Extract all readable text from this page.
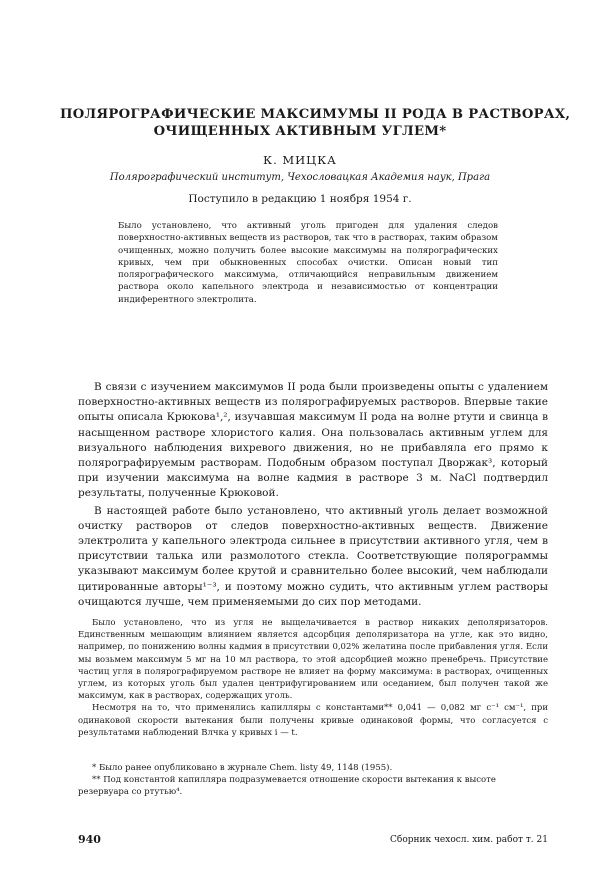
ПОЛЯРОГРАФИЧЕСКИЕ МАКСИМУМЫ II РОДА В РАСТВОРАХ,
ОЧИЩЕННЫХ АКТИВНЫМ УГЛЕМ*
К. МИЦКА
Полярографический институт, Чехословацкая Академия наук, Прага
Поступило в редакцию 1 ноября 1954 г.
Было установлено, что активный уголь пригоден для удаления следов поверхностно-активных веществ из растворов, так что в растворах, таким образом очищенных, можно получить более высокие максимумы на полярографических кривых, чем при обыкновенных способах очистки. Описан новый тип полярографического максимума, отличающийся неправильным движением раствора около капельного электрода и независимостью от концентрации индиферентного электролита.

В связи с изучением максимумов II рода были произведены опыты с удалением поверхностно-активных веществ из полярографируемых растворов. Впервые такие опыты описала Крюкова¹,², изучавшая максимум II рода на волне ртути и свинца в насыщенном растворе хлористого калия. Она пользовалась активным углем для визуального наблюдения вихревого движения, но не прибавляла его прямо к полярографируемым растворам. Подобным образом поступал Дворжак³, который при изучении максимума на волне кадмия в растворе 3 м. NaCl подтвердил результаты, полученные Крюковой.

В настоящей работе было установлено, что активный уголь делает возможной очистку растворов от следов поверхностно-активных веществ. Движение электролита у капельного электрода сильнее в присутствии активного угля, чем в присутствии талька или размолотого стекла. Соответствующие полярограммы указывают максимум более крутой и сравнительно более высокий, чем наблюдали цитированные авторы¹⁻³, и поэтому можно судить, что активным углем растворы очищаются лучше, чем применяемыми до сих пор методами.

Было установлено, что из угля не выщелачивается в раствор никаких деполяризаторов. Единственным мешающим влиянием является адсорбция деполяризатора на угле, как это видно, например, по понижению волны кадмия в присутствии 0,02% желатина после прибавления угля. Если мы возьмем максимум 5 мг на 10 мл раствора, то этой адсорбцией можно пренебречь. Присутствие частиц угля в полярографируемом растворе не влияет на форму максимума: в растворах, очищенных углем, из которых уголь был удален центрифугированием или оседанием, был получен такой же максимум, как в растворах, содержащих уголь.

Несмотря на то, что применялись капилляры с константами** 0,041 — 0,082 мг с⁻¹ см⁻¹, при одинаковой скорости вытекания были получены кривые одинаковой формы, что согласуется с результатами наблюдений Влчка у кривых i — t.

* Было ранее опубликовано в журнале Chem. listy 49, 1148 (1955).

** Под константой капилляра подразумевается отношение скорости вытекания к высоте резервуара со ртутью⁴.

940	Сборник чехосл. хим. работ т. 21
